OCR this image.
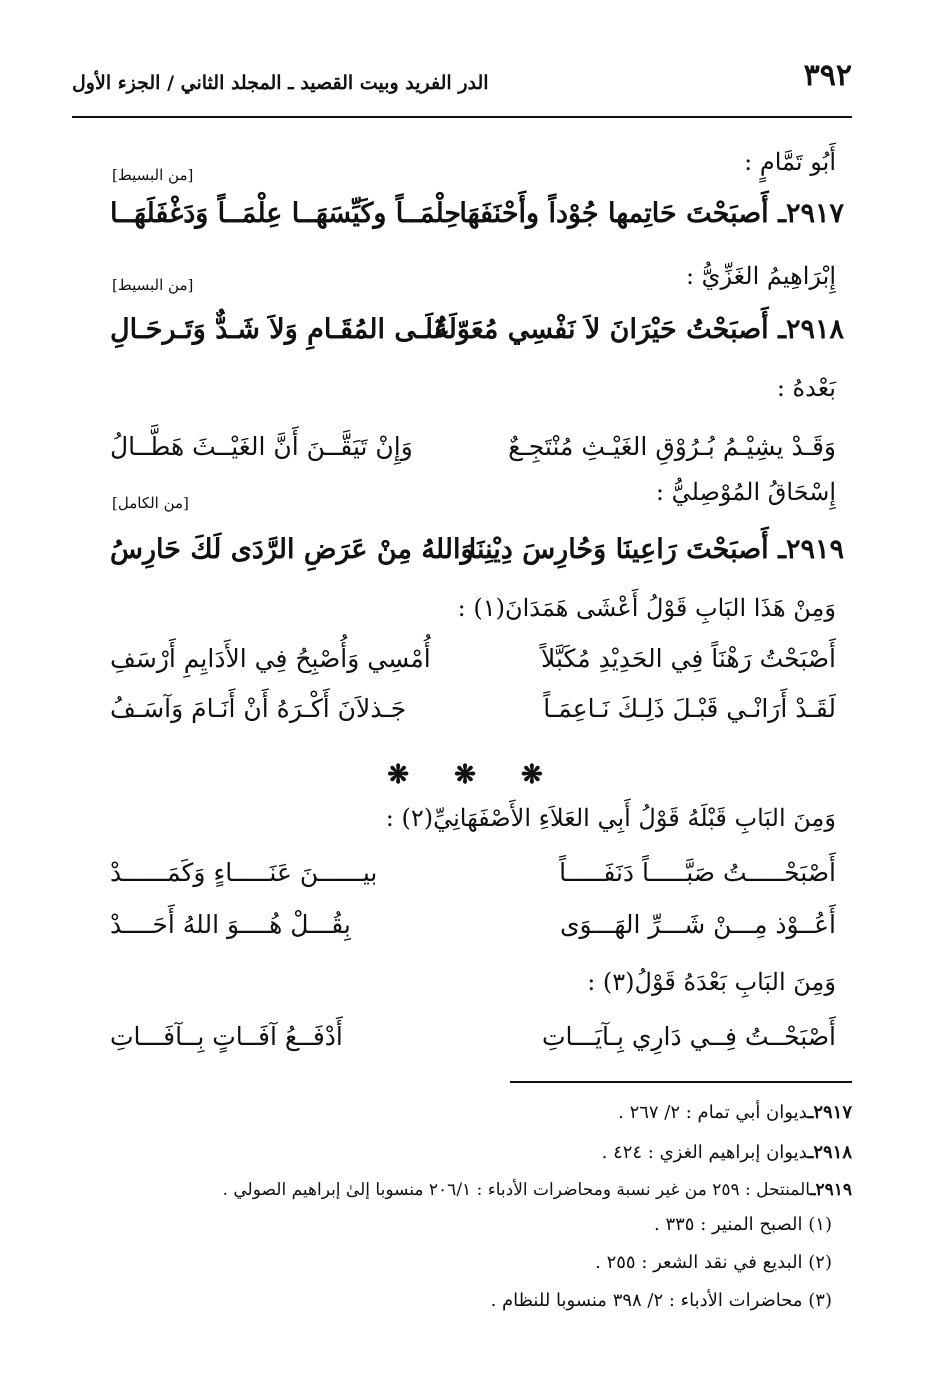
٣٩٢
الدر الفريد وبيت القصيد ـ المجلد الثاني / الجزء الأول
أَبُو تَمَّامٍ :
[من البسيط]
٢٩١٧ـ أَصبَحْتَ حَاتِمها جُوْداً وأَحْنَفَهَا
حِلْمَــاً وكَيِّسَهَــا عِلْمَــاً وَدَغْفَلَهَــا
إِبْرَاهِيمُ الغَزِّيُّ :
[من البسيط]
٢٩١٨ـ أَصبَحْتُ حَيْرَانَ لاَ نَفْسِي مُعَوّلَةٌ
عَلَـى المُقَـامِ وَلاَ شَـدٌّ وَتَـرحَـالِ
بَعْدهُ :
وَقَـدْ يشِيْـمُ بُـرُوْقِ الغَيْـثِ مُنْتَجِـعٌ
وَإِنْ تَيَقَّــنَ أَنَّ الغَيْــثَ هَطَّــالُ
إِسْحَاقُ المُوْصِليُّ :
[من الكامل]
٢٩١٩ـ أَصبَحْتَ رَاعِينَا وَحُارِسَ دِيْنِنَا
وَاللهُ مِنْ عَرَضِ الرَّدَى لَكَ حَارِسُ
وَمِنْ هَذَا البَابِ قَوْلُ أَعْشَى هَمَدَانَ(١) :
أَصْبَحْتُ رَهْنَاً فِي الحَدِيْدِ مُكَبَّلاً
أُمْسِي وَأُصْبِحُ فِي الأَدَايِمِ أَرْسَفِ
لَقَـدْ أَرَانْـي قَبْـلَ ذَلِـكَ نَـاعِمَـاً
جَـذلاَنَ أَكْـرَهُ أَنْ أَنَـامَ وَآسَـفُ
❋ ❋ ❋
وَمِنَ البَابِ قَبْلَهُ قَوْلُ أَبِي العَلاَءِ الأَصْفَهَانِيِّ(٢) :
أَصْبَحْـــــتُ صَبَّـــــاً دَنَفَـــــاً
بيــــــنَ عَنَـــــاءٍ وَكَمَــــــدْ
أَعُــوْذ مِـــنْ شَـــرِّ الهَـــوَى
بِقُـــلْ هُــــوَ اللهُ أَحَــــدْ
وَمِنَ البَابِ بَعْدَهُ قَوْلُ(٣) :
أَصْبَحْــتُ فِــي دَارِي بِـآيَـــاتِ
أَدْفَــعُ آفَــاتٍ بِــآفَـــاتِ
٢٩١٧ـديوان أبي تمام : ٢/ ٢٦٧ .
٢٩١٨ـديوان إبراهيم الغزي : ٤٢٤ .
٢٩١٩ـالمنتحل : ٢٥٩ من غير نسبة ومحاضرات الأدباء : ٢٠٦/١ منسوبا إلىٰ إبراهيم الصولي .
(١) الصبح المنير : ٣٣٥ .
(٢) البديع في نقد الشعر : ٢٥٥ .
(٣) محاضرات الأدباء : ٢/ ٣٩٨ منسوبا للنظام .
